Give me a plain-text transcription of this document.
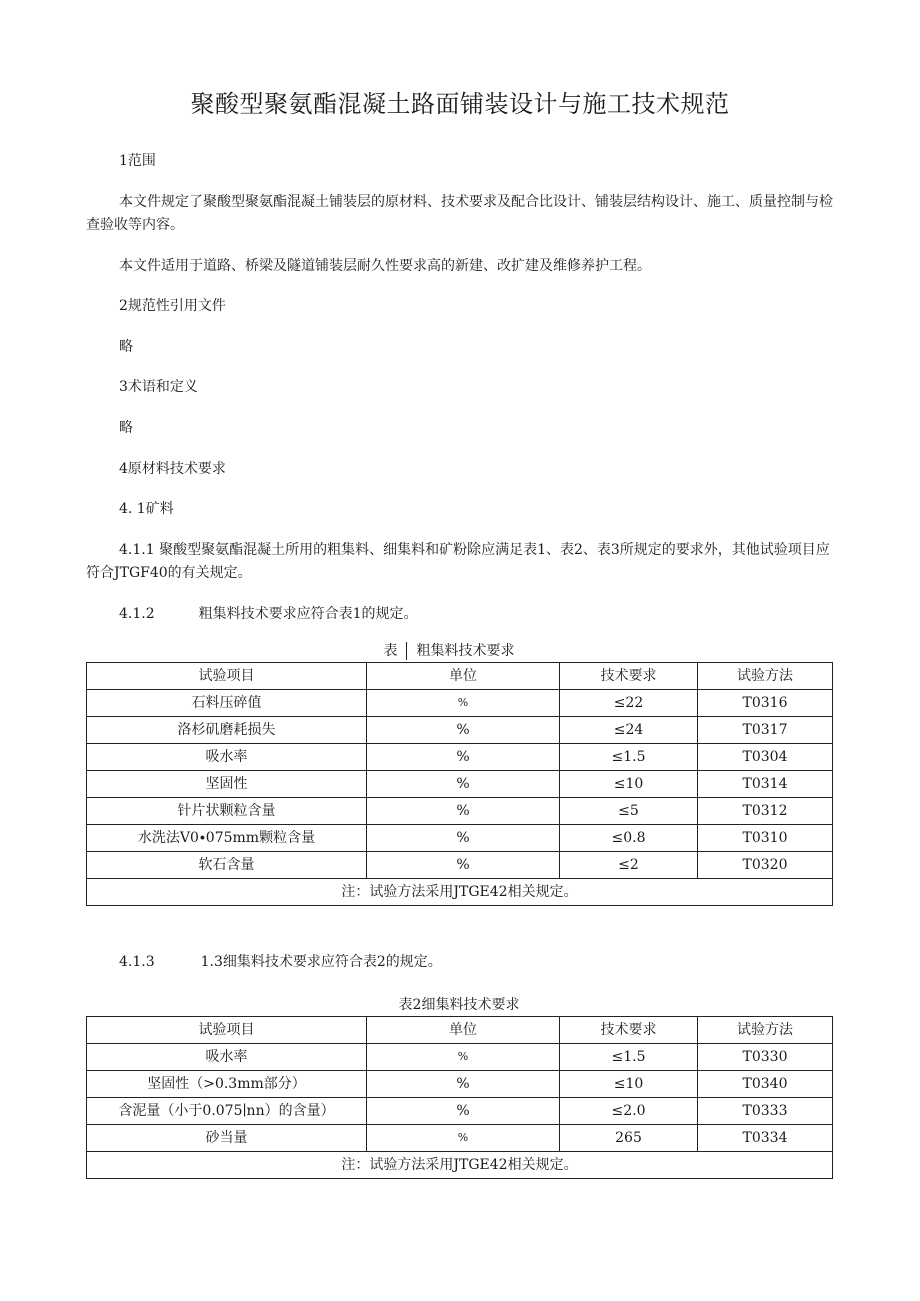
聚酸型聚氨酯混凝土路面铺装设计与施工技术规范

1范围

本文件规定了聚酸型聚氨酯混凝土铺装层的原材料、技术要求及配合比设计、铺装层结构设计、施工、质量控制与检查验收等内容。

本文件适用于道路、桥梁及隧道铺装层耐久性要求高的新建、改扩建及维修养护工程。

2规范性引用文件

略

3术语和定义

略

4原材料技术要求

4. 1矿料

4.1.1 聚酸型聚氨酯混凝土所用的粗集料、细集料和矿粉除应满足表1、表2、表3所规定的要求外，其他试验项目应符合JTGF40的有关规定。

4.1.2	粗集料技术要求应符合表1的规定。

表 粗集料技术要求
试验项目	单位	技术要求	试验方法
石料压碎值	%	≤22	T0316
洛杉矶磨耗损失	%	≤24	T0317
吸水率	%	≤1.5	T0304
坚固性	%	≤10	T0314
针片状颗粒含量	%	≤5	T0312
水洗法V0∙075mm颗粒含量	%	≤0.8	T0310
软石含量	%	≤2	T0320
注：试验方法采用JTGE42相关规定。			

4.1.3	1.3细集料技术要求应符合表2的规定。

表2细集料技术要求
试验项目	单位	技术要求	试验方法
吸水率	%	≤1.5	T0330
坚固性（>0.3mm部分）	%	≤10	T0340
含泥量（小于0.075∣nn）的含量）	%	≤2.0	T0333
砂当量	%	265	T0334
注：试验方法采用JTGE42相关规定。			
